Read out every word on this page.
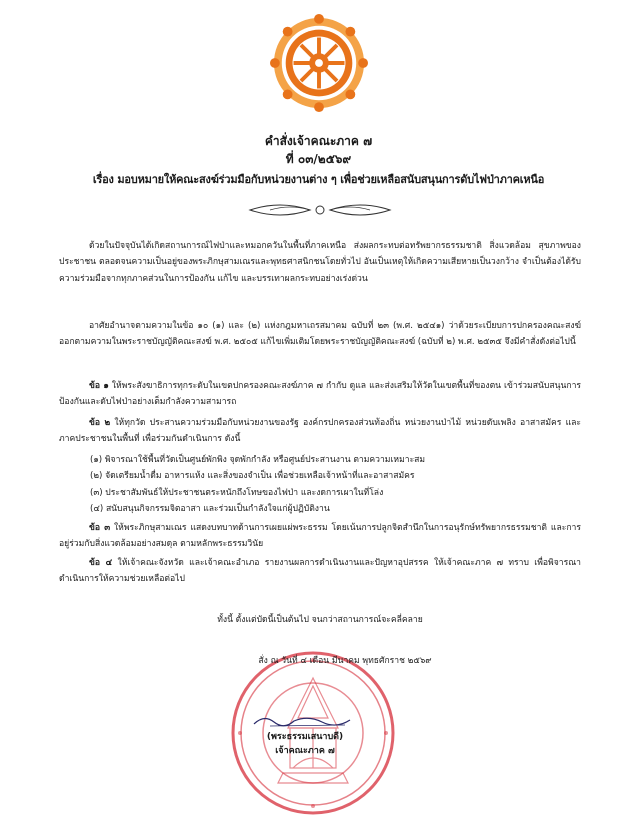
คำสั่งเจ้าคณะภาค ๗
ที่ ๐๓/๒๕๖๙
เรื่อง มอบหมายให้คณะสงฆ์ร่วมมือกับหน่วยงานต่าง ๆ เพื่อช่วยเหลือสนับสนุนการดับไฟป่าภาคเหนือ
ด้วยในปัจจุบันได้เกิดสถานการณ์ไฟป่าและหมอกควันในพื้นที่ภาคเหนือ ส่งผลกระทบต่อทรัพยากรธรรมชาติ สิ่งแวดล้อม สุขภาพของประชาชน ตลอดจนความเป็นอยู่ของพระภิกษุสามเณรและพุทธศาสนิกชนโดยทั่วไป อันเป็นเหตุให้เกิดความเสียหายเป็นวงกว้าง จำเป็นต้องได้รับความร่วมมือจากทุกภาคส่วนในการป้องกัน แก้ไข และบรรเทาผลกระทบอย่างเร่งด่วน
อาศัยอำนาจตามความในข้อ ๑๐ (๑) และ (๒) แห่งกฎมหาเถรสมาคม ฉบับที่ ๒๓ (พ.ศ. ๒๕๔๑) ว่าด้วยระเบียบการปกครองคณะสงฆ์ ออกตามความในพระราชบัญญัติคณะสงฆ์ พ.ศ. ๒๕๐๕ แก้ไขเพิ่มเติมโดยพระราชบัญญัติคณะสงฆ์ (ฉบับที่ ๒) พ.ศ. ๒๕๓๕ จึงมีคำสั่งดังต่อไปนี้
ข้อ ๑ ให้พระสังฆาธิการทุกระดับในเขตปกครองคณะสงฆ์ภาค ๗ กำกับ ดูแล และส่งเสริมให้วัดในเขตพื้นที่ของตน เข้าร่วมสนับสนุนการป้องกันและดับไฟป่าอย่างเต็มกำลังความสามารถ
ข้อ ๒ ให้ทุกวัด ประสานความร่วมมือกับหน่วยงานของรัฐ องค์กรปกครองส่วนท้องถิ่น หน่วยงานป่าไม้ หน่วยดับเพลิง อาสาสมัคร และภาคประชาชนในพื้นที่ เพื่อร่วมกันดำเนินการ ดังนี้
(๑) พิจารณาใช้พื้นที่วัดเป็นศูนย์พักพิง จุดพักกำลัง หรือศูนย์ประสานงาน ตามความเหมาะสม
(๒) จัดเตรียมน้ำดื่ม อาหารแห้ง และสิ่งของจำเป็น เพื่อช่วยเหลือเจ้าหน้าที่และอาสาสมัคร
(๓) ประชาสัมพันธ์ให้ประชาชนตระหนักถึงโทษของไฟป่า และงดการเผาในที่โล่ง
(๔) สนับสนุนกิจกรรมจิตอาสา และร่วมเป็นกำลังใจแก่ผู้ปฏิบัติงาน
ข้อ ๓ ให้พระภิกษุสามเณร แสดงบทบาทด้านการเผยแผ่พระธรรม โดยเน้นการปลูกจิตสำนึกในการอนุรักษ์ทรัพยากรธรรมชาติ และการอยู่ร่วมกับสิ่งแวดล้อมอย่างสมดุล ตามหลักพระธรรมวินัย
ข้อ ๔ ให้เจ้าคณะจังหวัด และเจ้าคณะอำเภอ รายงานผลการดำเนินงานและปัญหาอุปสรรค ให้เจ้าคณะภาค ๗ ทราบ เพื่อพิจารณาดำเนินการให้ความช่วยเหลือต่อไป
ทั้งนี้ ตั้งแต่บัดนี้เป็นต้นไป จนกว่าสถานการณ์จะคลี่คลาย
สั่ง ณ วันที่ ๔ เดือน มีนาคม พุทธศักราช ๒๕๖๙
(พระธรรมเสนาบดี)
เจ้าคณะภาค ๗
